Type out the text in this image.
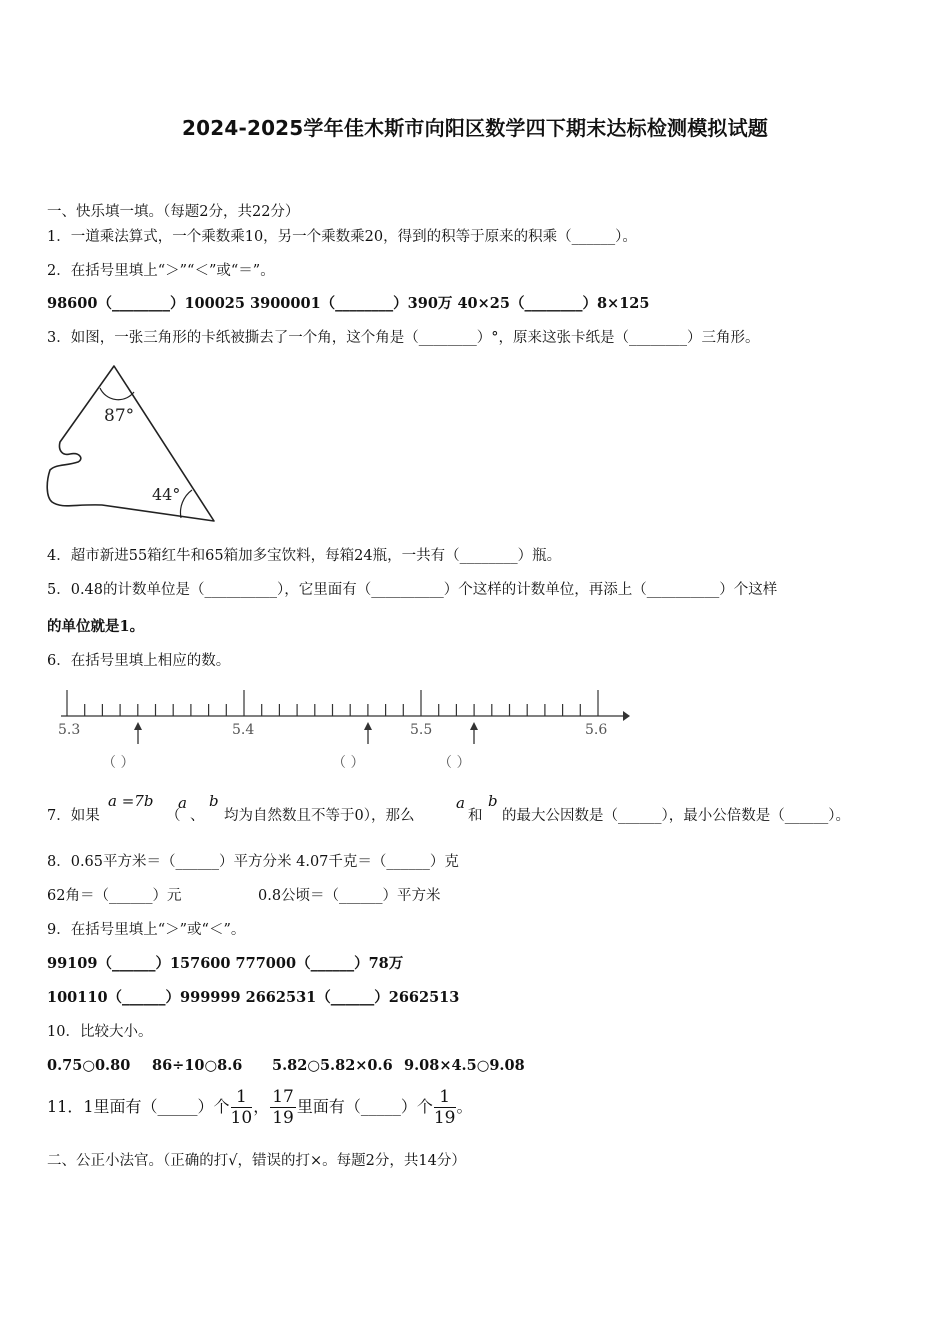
2024-2025学年佳木斯市向阳区数学四下期末达标检测模拟试题
一、快乐填一填。（每题2分，共22分）
1．一道乘法算式，一个乘数乘10，另一个乘数乘20，得到的积等于原来的积乘（______）。
2．在括号里填上“＞”“＜”或“＝”。
98600（________）100025 3900001（________）390万 40×25（________）8×125
3．如图，一张三角形的卡纸被撕去了一个角，这个角是（________）°，原来这张卡纸是（________）三角形。
87°
44°
4．超市新进55箱红牛和65箱加多宝饮料，每箱24瓶，一共有（________）瓶。
5．0.48的计数单位是（__________），它里面有（__________）个这样的计数单位，再添上（__________）个这样
的单位就是1。
6．在括号里填上相应的数。
5.3	5.4	5.5	5.6
（ ）	（ ）	（ ）
7．如果
a =7b
（
a
、
b
均为自然数且不等于0），那么
a
和
b
的最大公因数是（______），最小公倍数是（______）。
8．0.65平方米＝（______）平方分米 4.07千克＝（______）克
62角＝（______）元	0.8公顷＝（______）平方米
9．在括号里填上“＞”或“＜”。
99109（______）157600 777000（______）78万
100110（______）999999 2662531（______）2662513
10．比较大小。
0.75○0.80 86÷10○8.6 5.82○5.82×0.6 9.08×4.5○9.08
11．1里面有（_____）个 $\frac{1}{10}$ ， $\frac{17}{19}$ 里面有（_____）个 $\frac{1}{19}$ 。
二、公正小法官。（正确的打√，错误的打×。每题2分，共14分）
